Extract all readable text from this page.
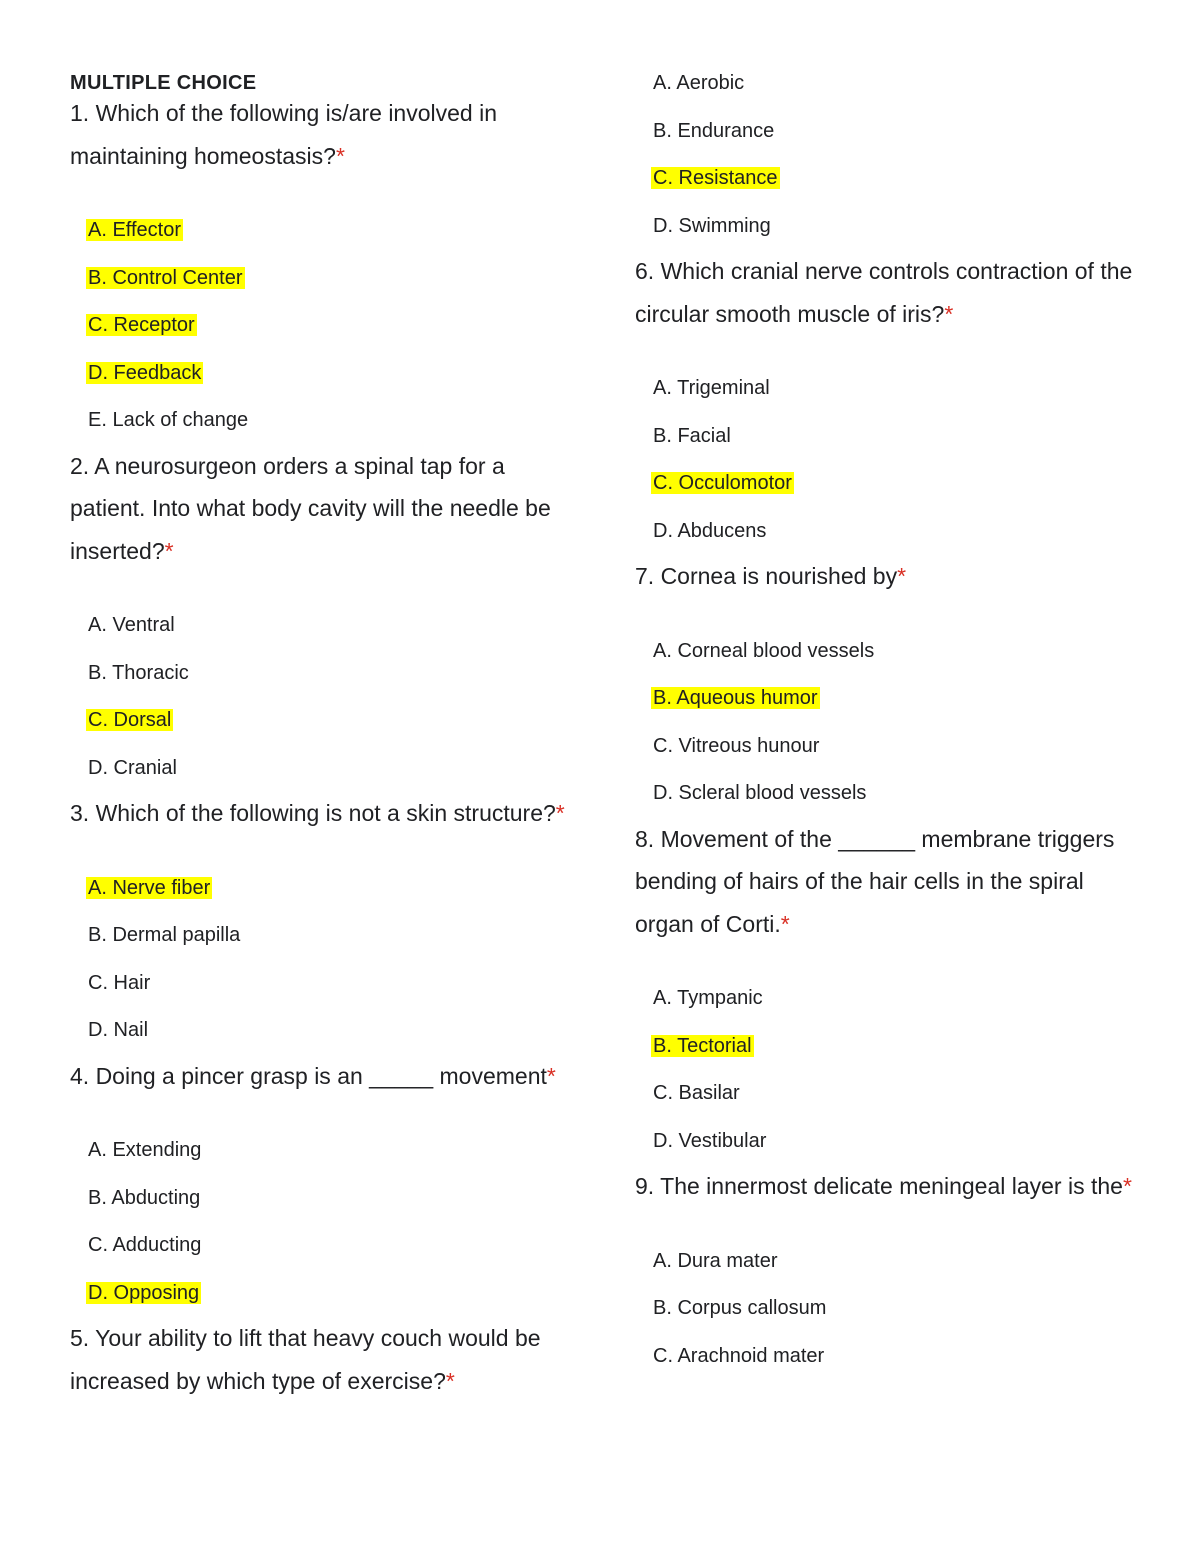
MULTIPLE CHOICE

1. Which of the following is/are involved in maintaining homeostasis?*

A. Effector
B. Control Center
C. Receptor
D. Feedback
E. Lack of change

2. A neurosurgeon orders a spinal tap for a patient. Into what body cavity will the needle be inserted?*

A. Ventral
B. Thoracic
C. Dorsal
D. Cranial

3. Which of the following is not a skin structure?*

A. Nerve fiber
B. Dermal papilla
C. Hair
D. Nail

4. Doing a pincer grasp is an _____ movement*

A. Extending
B. Abducting
C. Adducting
D. Opposing

5. Your ability to lift that heavy couch would be increased by which type of exercise?*

A. Aerobic
B. Endurance
C. Resistance
D. Swimming

6. Which cranial nerve controls contraction of the circular smooth muscle of iris?*

A. Trigeminal
B. Facial
C. Occulomotor
D. Abducens

7. Cornea is nourished by*

A. Corneal blood vessels
B. Aqueous humor
C. Vitreous hunour
D. Scleral blood vessels

8. Movement of the ______ membrane triggers bending of hairs of the hair cells in the spiral organ of Corti.*

A. Tympanic
B. Tectorial
C. Basilar
D. Vestibular

9. The innermost delicate meningeal layer is the*

A. Dura mater
B. Corpus callosum
C. Arachnoid mater
